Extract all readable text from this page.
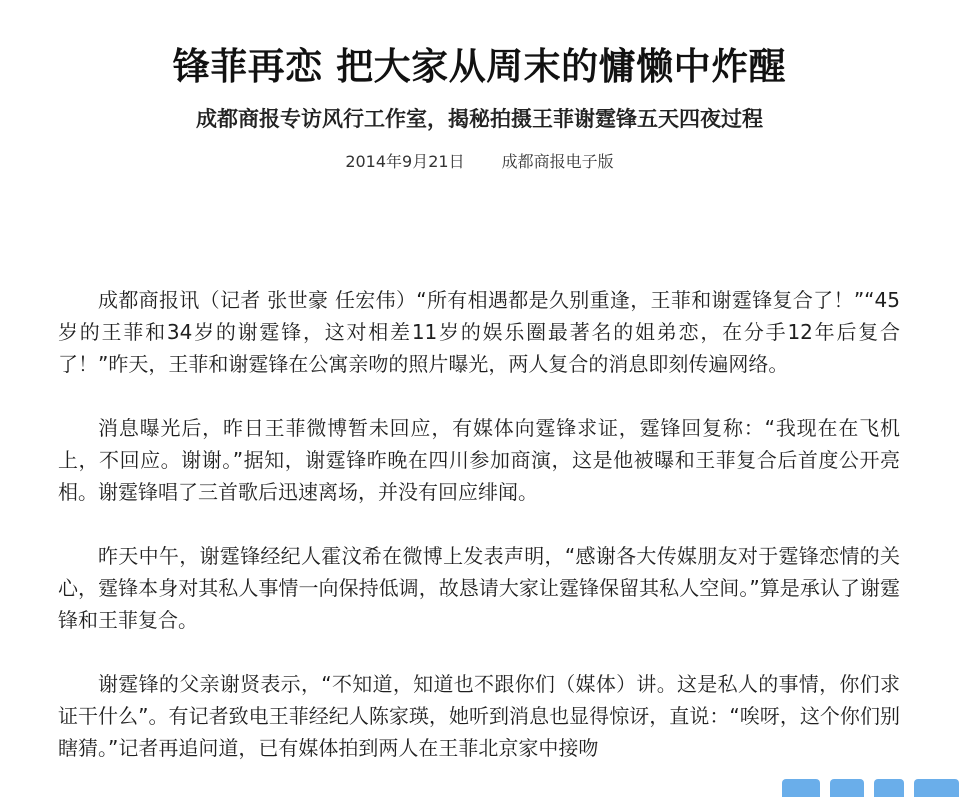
锋菲再恋 把大家从周末的慵懒中炸醒
成都商报专访风行工作室，揭秘拍摄王菲谢霆锋五天四夜过程
2014年9月21日 成都商报电子版

成都商报讯（记者 张世豪 任宏伟）“所有相遇都是久别重逢，王菲和谢霆锋复合了！”“45岁的王菲和34岁的谢霆锋，这对相差11岁的娱乐圈最著名的姐弟恋，在分手12年后复合了！”昨天，王菲和谢霆锋在公寓亲吻的照片曝光，两人复合的消息即刻传遍网络。

消息曝光后，昨日王菲微博暂未回应，有媒体向霆锋求证，霆锋回复称：“我现在在飞机上，不回应。谢谢。”据知，谢霆锋昨晚在四川参加商演，这是他被曝和王菲复合后首度公开亮相。谢霆锋唱了三首歌后迅速离场，并没有回应绯闻。

昨天中午，谢霆锋经纪人霍汶希在微博上发表声明，“感谢各大传媒朋友对于霆锋恋情的关心，霆锋本身对其私人事情一向保持低调，故恳请大家让霆锋保留其私人空间。”算是承认了谢霆锋和王菲复合。

谢霆锋的父亲谢贤表示，“不知道，知道也不跟你们（媒体）讲。这是私人的事情，你们求证干什么”。有记者致电王菲经纪人陈家瑛，她听到消息也显得惊讶，直说：“唉呀，这个你们别瞎猜。”记者再追问道，已有媒体拍到两人在王菲北京家中接吻
